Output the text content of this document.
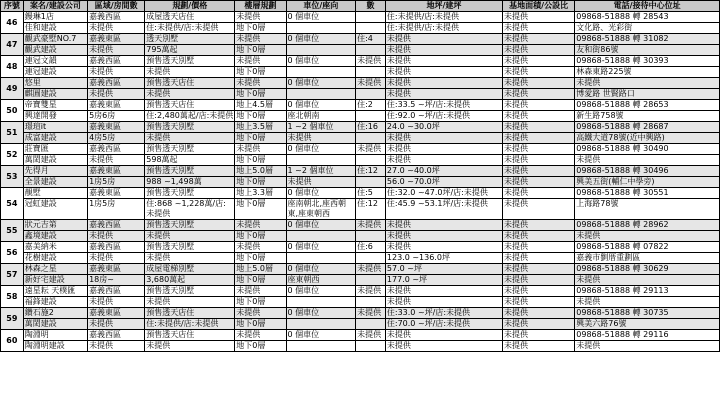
序號	案名/建設公司	區域/房間數	規劃/價格	樓層規劃	車位/座向	數	地坪/建坪	基地面積/公設比	電話/接待中心位址
46	鏝琳1店	嘉義西區	成屋透天店住	未提供	0 個車位		住:未提供/店:未提供	未提供	09868-51888 轉 28543
	佳和建設	未提供	住:未提供/店:未提供	地下0層			住:未提供/店:未提供	未提供	文化路、光彩街
47	觀武豪墅NO.7	嘉義東區	透天別墅	未提供	0 個車位	住:4	未提供	未提供	09868-51888 轉 31082
	觀武建設	未提供	795萬起	地下0層			未提供	未提供	友和街86號
48	連冠文韻	嘉義西區	預售透天別墅	未提供	0 個車位	未提供	未提供	未提供	09868-51888 轉 30393
	連冠建設	未提供	未提供	地下0層			未提供	未提供	林森東路225號
49	悠里	嘉義西區	預售透天店住	未提供	0 個車位	未提供	未提供	未提供	未提供
	麒圓建設	未提供	未提供	地下0層			未提供	未提供	博愛路 世賢路口
50	帝寶雙星	嘉義東區	預售透天店住	地上4.5層	0 個車位	住:2	住:33.5 ~坪/店:未提供	未提供	09868-51888 轉 28653
	興達開發	5房6房	住:2,480萬起/店:未提供	地下0層	座北朝南		住:92.0 ~坪/店:未提供	未提供	新生路758號
51	璟瑄it	嘉義東區	預售透天別墅	地上3.5層	1 ~2 個車位	住:16	24.0 ~30.0坪	未提供	09868-51888 轉 28687
	成富建設	4房5房	未提供	地下0層	未提供		未提供	未提供	高鐵大道78號(近中興路)
52	莊寶匯	嘉義西區	預售透天別墅	未提供	0 個車位	未提供	未提供	未提供	09868-51888 轉 30490
	萬閎建設	未提供	598萬起	地下0層			未提供	未提供	未提供
53	先得月	嘉義東區	預售透天別墅	地上5.0層	1 ~2 個車位	住:12	27.0 ~40.0坪	未提供	09868-51888 轉 30496
	全景建設	1房5房	988 ~1,498萬	地下0層	未提供		56.0 ~70.0坪	未提供	興美五街(輔仁中學旁)
54	靚墅	嘉義東區	預售透天別墅	地上3.3層	0 個車位	住:5	住:32.0 ~47.0坪/店:未提供	未提供	09868-51888 轉 30551
	冠虹建設	1房5房	住:868 ~1,228萬/店:未提供	地下0層	座南朝北,座西朝東,座東朝西	住:12	住:45.9 ~53.1坪/店:未提供	未提供	上海路78號
55	狀元吉第	嘉義西區	預售透天別墅	未提供	0 個車位	未提供	未提供	未提供	09868-51888 轉 28962
	鑫境建設	未提供	未提供	地下0層			未提供	未提供	未提供
56	嘉美納米	嘉義西區	預售透天別墅	未提供	0 個車位	住:6	未提供	未提供	09868-51888 轉 07822
	花樹建設	未提供	未提供	地下0層			123.0 ~136.0坪	未提供	嘉義市劉厝重劃區
57	林森之星	嘉義東區	成屋電梯別墅	地上5.0層	0 個車位	未提供	57.0 ~坪	未提供	09868-51888 轉 30629
	新好宅建設	18房~	3,680萬起	地下0層	座東朝西		177.0 ~坪	未提供	未提供
58	遠星耘 天樸匯	嘉義西區	預售透天別墅	未提供	0 個車位	未提供	未提供	未提供	09868-51888 轉 29113
	福鋒建設	未提供	未提供	地下0層			未提供	未提供	未提供
59	鑽石施2	嘉義東區	預售透天店住	未提供	0 個車位	未提供	住:33.0 ~坪/店:未提供	未提供	09868-51888 轉 30735
	萬閎建設	未提供	住:未提供/店:未提供	地下0層			住:70.0 ~坪/店:未提供	未提供	興美六路76號
60	陶淵明	嘉義西區	預售透天店住	未提供	0 個車位	未提供	未提供	未提供	09868-51888 轉 29116
	陶淵明建設	未提供	未提供	地下0層			未提供	未提供	未提供
